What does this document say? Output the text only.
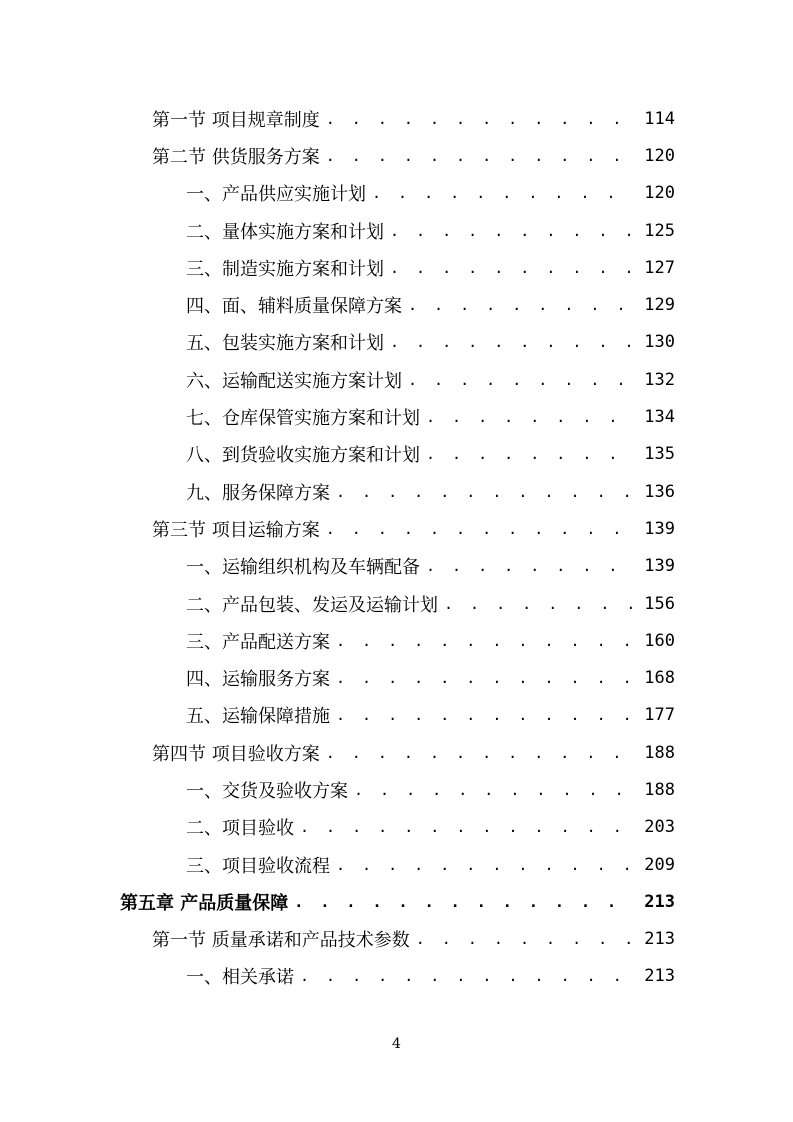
第一节 项目规章制度 . . .	114
第二节 供货服务方案 . . .	120
一、产品供应实施计划 . . .	120
二、量体实施方案和计划 . . .	125
三、制造实施方案和计划 . . .	127
四、面、辅料质量保障方案 . . .	129
五、包装实施方案和计划 . . .	130
六、运输配送实施方案计划 . . .	132
七、仓库保管实施方案和计划 . . .	134
八、到货验收实施方案和计划 . . .	135
九、服务保障方案 . . .	136
第三节 项目运输方案 . . .	139
一、运输组织机构及车辆配备 . . .	139
二、产品包装、发运及运输计划 . . .	156
三、产品配送方案 . . .	160
四、运输服务方案 . . .	168
五、运输保障措施 . . .	177
第四节 项目验收方案 . . .	188
一、交货及验收方案 . . .	188
二、项目验收 . . .	203
三、项目验收流程 . . .	209
第五章 产品质量保障 . . .	213
第一节 质量承诺和产品技术参数 . . .	213
一、相关承诺 . . .	213
4
